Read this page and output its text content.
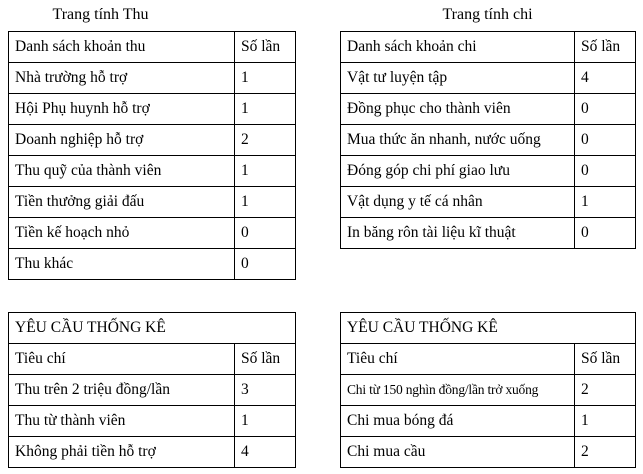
Trang tính Thu	Trang tính chi
Danh sách khoản thu	Số lần
Nhà trường hỗ trợ	1
Hội Phụ huynh hỗ trợ	1
Doanh nghiệp hỗ trợ	2
Thu quỹ của thành viên	1
Tiền thưởng giải đấu	1
Tiền kế hoạch nhỏ	0
Thu khác	0
Danh sách khoản chi	Số lần
Vật tư luyện tập	4
Đồng phục cho thành viên	0
Mua thức ăn nhanh, nước uống	0
Đóng góp chi phí giao lưu	0
Vật dụng y tế cá nhân	1
In băng rôn tài liệu kĩ thuật	0
YÊU CẦU THỐNG KÊ	
Tiêu chí	Số lần
Thu trên 2 triệu đồng/lần	3
Thu từ thành viên	1
Không phải tiền hỗ trợ	4
YÊU CẦU THỐNG KÊ	
Tiêu chí	Số lần
Chi từ 150 nghìn đồng/lần trở xuống	2
Chi mua bóng đá	1
Chi mua cầu	2
